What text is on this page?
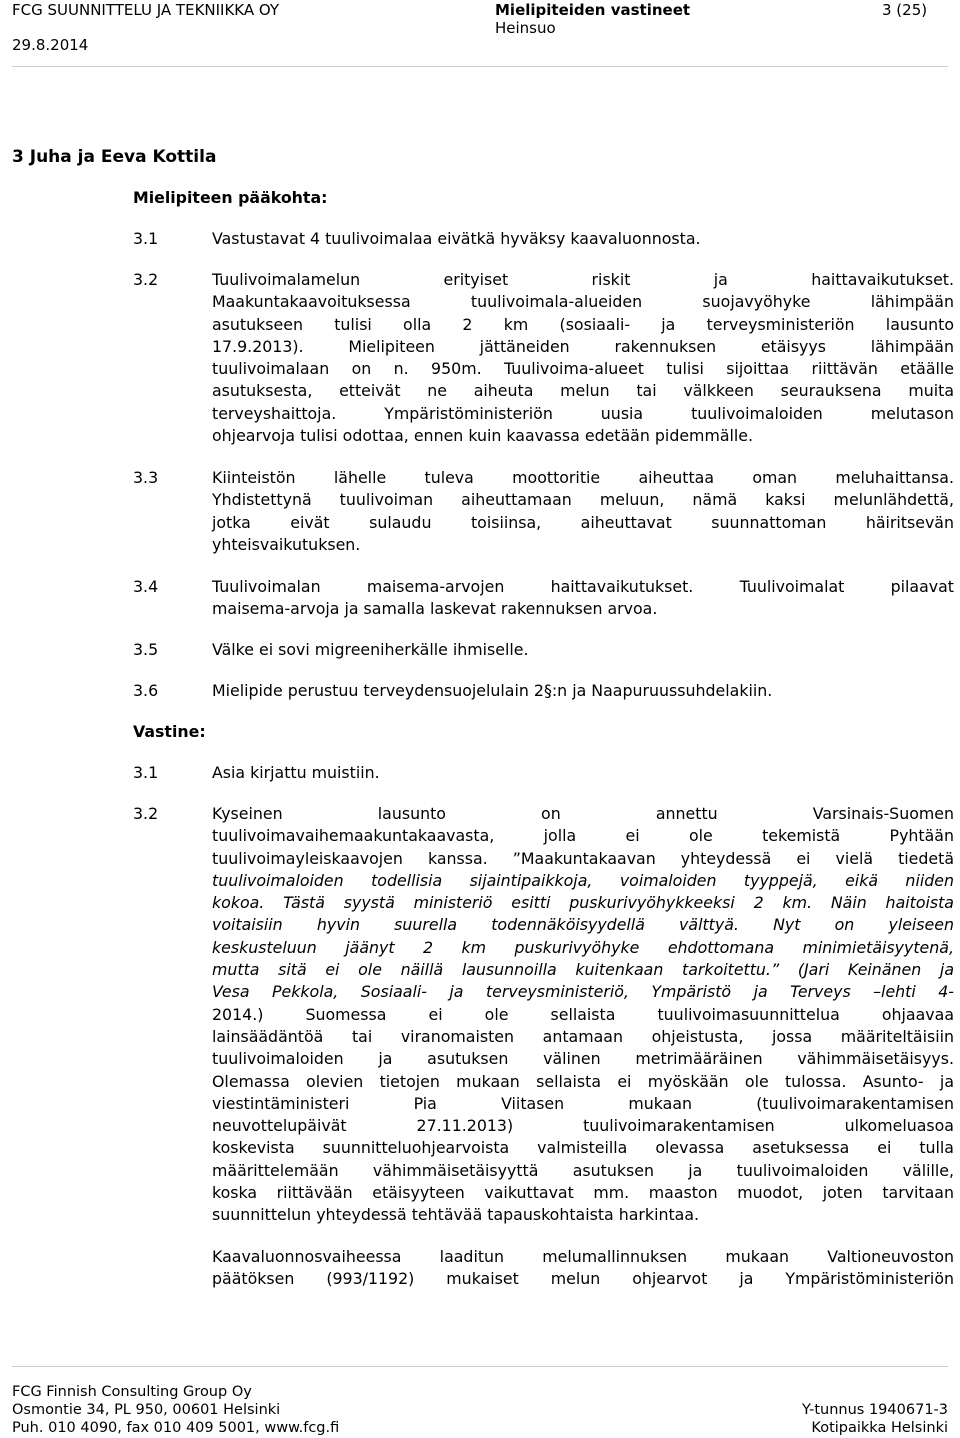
FCG SUUNNITTELU JA TEKNIIKKA OY
29.8.2014
Mielipiteiden vastineet
Heinsuo
3 (25)
3 Juha ja Eeva Kottila
Mielipiteen pääkohta:
3.1	Vastustavat 4 tuulivoimalaa eivätkä hyväksy kaavaluonnosta.
3.2	Tuulivoimalamelun erityiset riskit ja haittavaikutukset.
Maakuntakaavoituksessa tuulivoimala-alueiden suojavyöhyke lähimpään
asutukseen tulisi olla 2 km (sosiaali- ja terveysministeriön lausunto
17.9.2013). Mielipiteen jättäneiden rakennuksen etäisyys lähimpään
tuulivoimalaan on n. 950m. Tuulivoima-alueet tulisi sijoittaa riittävän etäälle
asutuksesta, etteivät ne aiheuta melun tai välkkeen seurauksena muita
terveyshaittoja. Ympäristöministeriön uusia tuulivoimaloiden melutason
ohjearvoja tulisi odottaa, ennen kuin kaavassa edetään pidemmälle.
3.3	Kiinteistön lähelle tuleva moottoritie aiheuttaa oman meluhaittansa.
Yhdistettynä tuulivoiman aiheuttamaan meluun, nämä kaksi melunlähdettä,
jotka eivät sulaudu toisiinsa, aiheuttavat suunnattoman häiritsevän
yhteisvaikutuksen.
3.4	Tuulivoimalan maisema-arvojen haittavaikutukset. Tuulivoimalat pilaavat
maisema-arvoja ja samalla laskevat rakennuksen arvoa.
3.5	Välke ei sovi migreeniherkälle ihmiselle.
3.6	Mielipide perustuu terveydensuojelulain 2§:n ja Naapuruussuhdelakiin.
Vastine:
3.1	Asia kirjattu muistiin.
3.2	Kyseinen lausunto on annettu Varsinais-Suomen
tuulivoimavaihemaakuntakaavasta, jolla ei ole tekemistä Pyhtään
tuulivoimayleiskaavojen kanssa. ”Maakuntakaavan yhteydessä ei vielä tiedetä
tuulivoimaloiden todellisia sijaintipaikkoja, voimaloiden tyyppejä, eikä niiden
kokoa. Tästä syystä ministeriö esitti puskurivyöhykkeeksi 2 km. Näin haitoista
voitaisiin hyvin suurella todennäköisyydellä välttyä. Nyt on yleiseen
keskusteluun jäänyt 2 km puskurivyöhyke ehdottomana minimietäisyytenä,
mutta sitä ei ole näillä lausunnoilla kuitenkaan tarkoitettu.” (Jari Keinänen ja
Vesa Pekkola, Sosiaali- ja terveysministeriö, Ympäristö ja Terveys –lehti 4-
2014.) Suomessa ei ole sellaista tuulivoimasuunnittelua ohjaavaa
lainsäädäntöä tai viranomaisten antamaan ohjeistusta, jossa määriteltäisiin
tuulivoimaloiden ja asutuksen välinen metrimääräinen vähimmäisetäisyys.
Olemassa olevien tietojen mukaan sellaista ei myöskään ole tulossa. Asunto- ja
viestintäministeri Pia Viitasen mukaan (tuulivoimarakentamisen
neuvottelupäivät 27.11.2013) tuulivoimarakentamisen ulkomeluasoa
koskevista suunnitteluohjearvoista valmisteilla olevassa asetuksessa ei tulla
määrittelemään vähimmäisetäisyyttä asutuksen ja tuulivoimaloiden välille,
koska riittävään etäisyyteen vaikuttavat mm. maaston muodot, joten tarvitaan
suunnittelun yhteydessä tehtävää tapauskohtaista harkintaa.
Kaavaluonnosvaiheessa laaditun melumallinnuksen mukaan Valtioneuvoston
päätöksen (993/1192) mukaiset melun ohjearvot ja Ympäristöministeriön
FCG Finnish Consulting Group Oy
Osmontie 34, PL 950, 00601 Helsinki
Puh. 010 4090, fax 010 409 5001, www.fcg.fi
Y-tunnus 1940671-3
Kotipaikka Helsinki
